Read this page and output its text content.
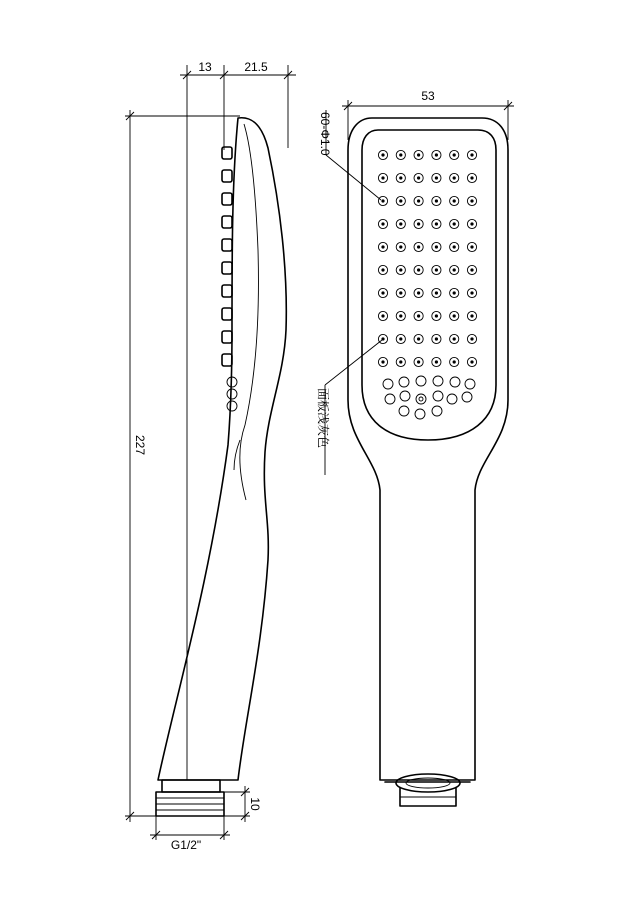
13	21.5
227
10
G1/2"
53
60-Φ1.0
面板浅灰色
